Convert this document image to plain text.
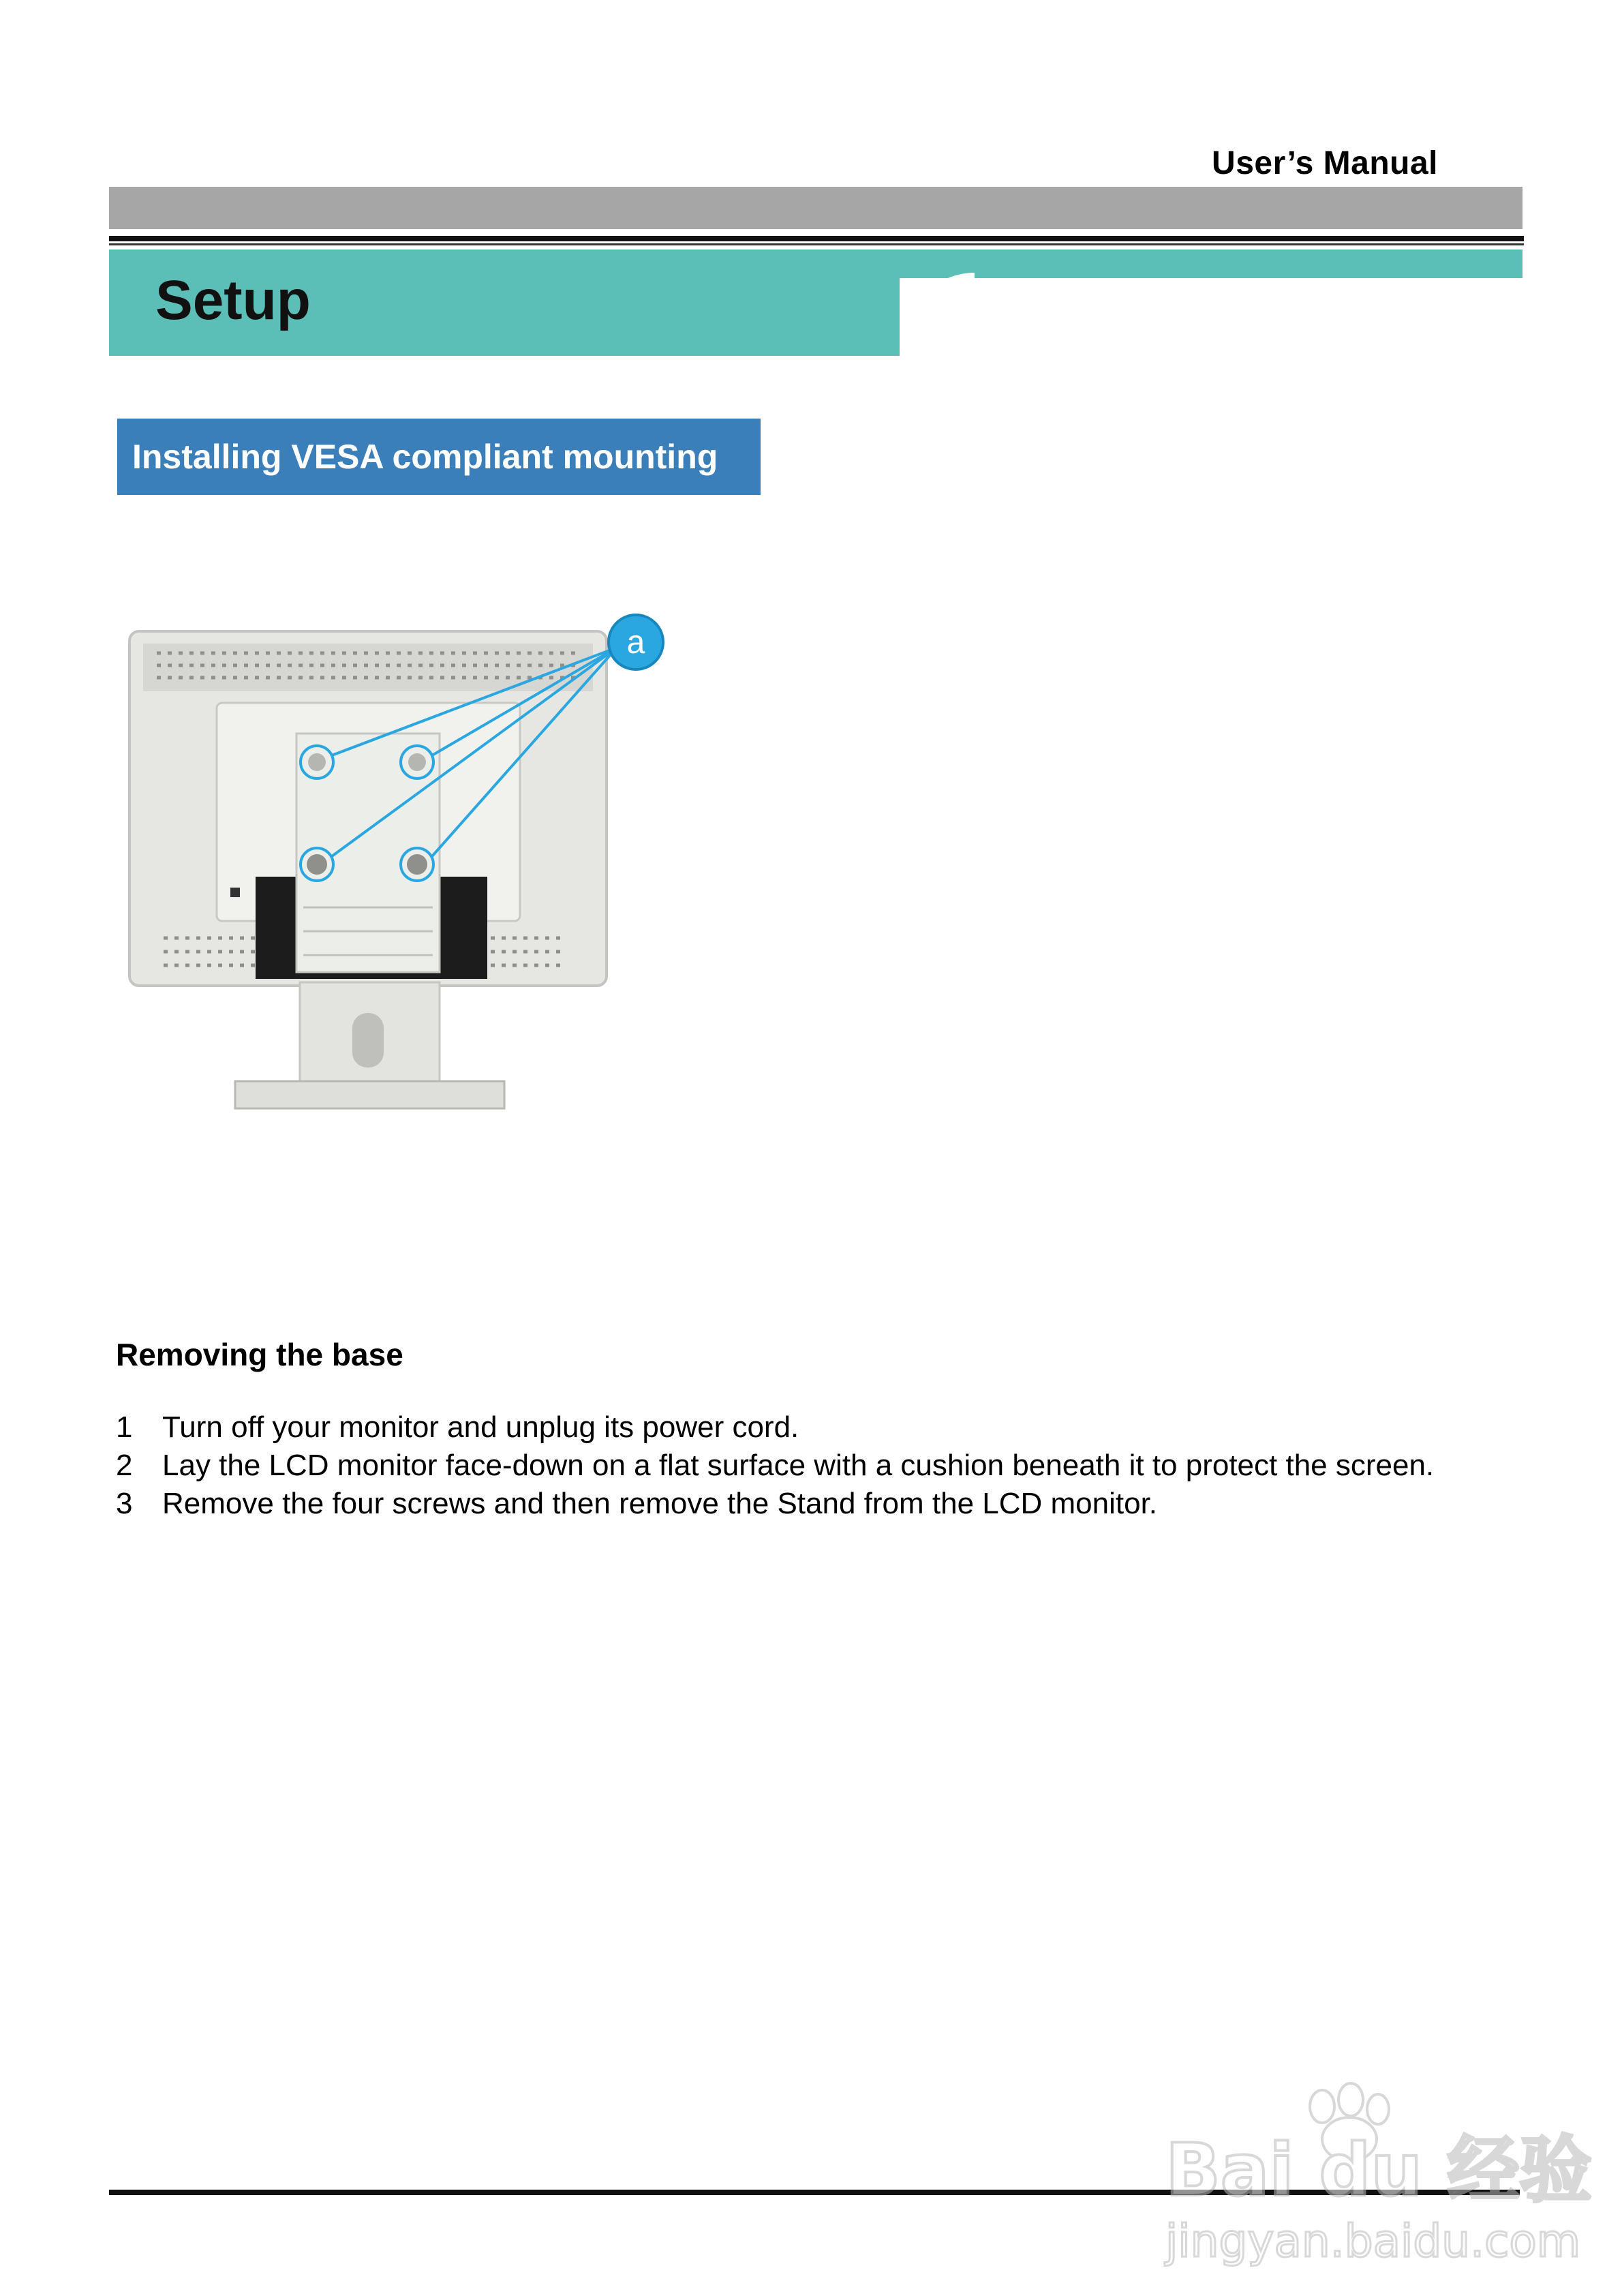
User’s Manual
Setup
Installing VESA compliant mounting
a
Removing the base
1 Turn off your monitor and unplug its power cord.
2 Lay the LCD monitor face-down on a flat surface with a cushion beneath it to protect the screen.
3 Remove the four screws and then remove the Stand from the LCD monitor.
Bai du 经验
jingyan.baidu.com
